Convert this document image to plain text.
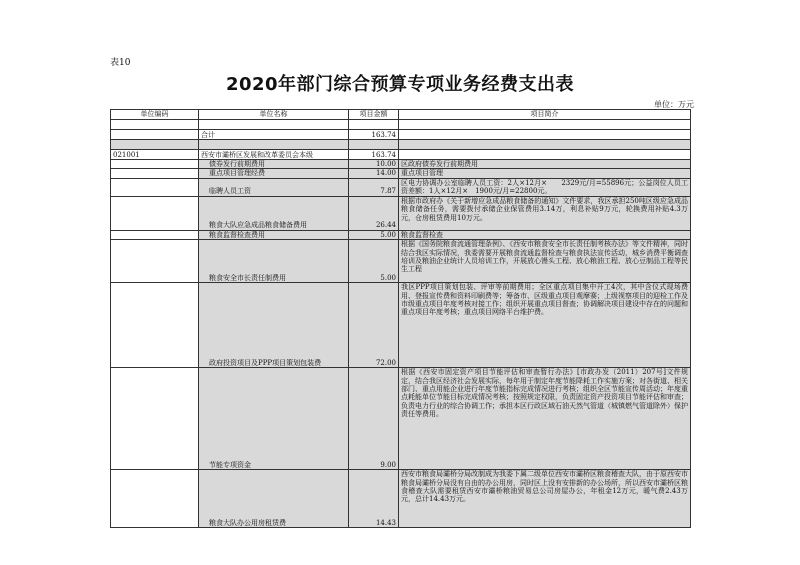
表10
2020年部门综合预算专项业务经费支出表
单位：万元
单位编码	单位名称	项目金额	项目简介

	合计	163.74	

021001	西安市灞桥区发展和改革委员会本级	163.74	
	债券发行前期费用	10.00	区政府债券发行前期费用
	重点项目管理经费	14.00	重点项目管理
	临聘人员工资	7.87	区电力协调办公室临聘人员工资：2人×12月×　　2329元/月=55896元；公益岗位人员工资差额：1人×12月×　1900元/月=22800元。
	粮食大队应急成品粮食储备费用	26.44	根据市政府办《关于新增应急成品粮食储备的通知》文件要求，我区承担250吨区级应急成品粮食储备任务，需要拨付承储企业保管费用3.14万，利息补贴9万元，轮换费用补贴4.3万元，仓房租赁费用10万元。
	粮食监督检查费用	5.00	粮食监督检查
	粮食安全市长责任制费用	5.00	根据《国务院粮食流通管理条例》、《西安市粮食安全市长责任制考核办法》等文件精神，同时结合我区实际情况，我委需要开展粮食流通监督检查与粮食执法宣传活动，城乡消费平衡调查培训及粮油企业统计人员培训工作，开展放心馒头工程、放心粮油工程、放心豆制品工程等民生工程
	政府投资项目及PPP项目策划包装费	72.00	我区PPP项目策划包装、评审等前期费用；全区重点项目集中开工4次，其中含仪式现场费用、登报宣传费和资料印刷费等；筹备市、区级重点项目观摩赛；上级视察项目的迎检工作及市级重点项目年度考核对接工作；组织开展重点项目督查；协调解决项目建设中存在的问题和重点项目年度考核；重点项目网络平台维护费。
	节能专项资金	9.00	根据《西安市固定资产项目节能评估和审查暂行办法》[市政办发（2011）207号]文件规定，结合我区经济社会发展实际，每年用于制定年度节能降耗工作实施方案；对各街道、相关部门、重点用能企业进行年度节能指标完成情况进行考核；组织全区节能宣传周活动；年度重点耗能单位节能目标完成情况考核；按照规定权限，负责固定资产投资项目节能评估和审查；负责电力行业的综合协调工作；承担本区行政区域石油天然气管道（城镇燃气管道除外）保护责任等费用。
	粮食大队办公用房租赁费	14.43	西安市粮食局灞桥分局改制成为我委下属二级单位西安市灞桥区粮食稽查大队，由于原西安市粮食局灞桥分局没有自由的办公用房，同时区上没有安排新的办公场所，所以西安市灞桥区粮食稽查大队需要租赁西安市灞桥粮油贸易总公司房屋办公，年租金12万元，暖气费2.43万元，总计14.43万元。
